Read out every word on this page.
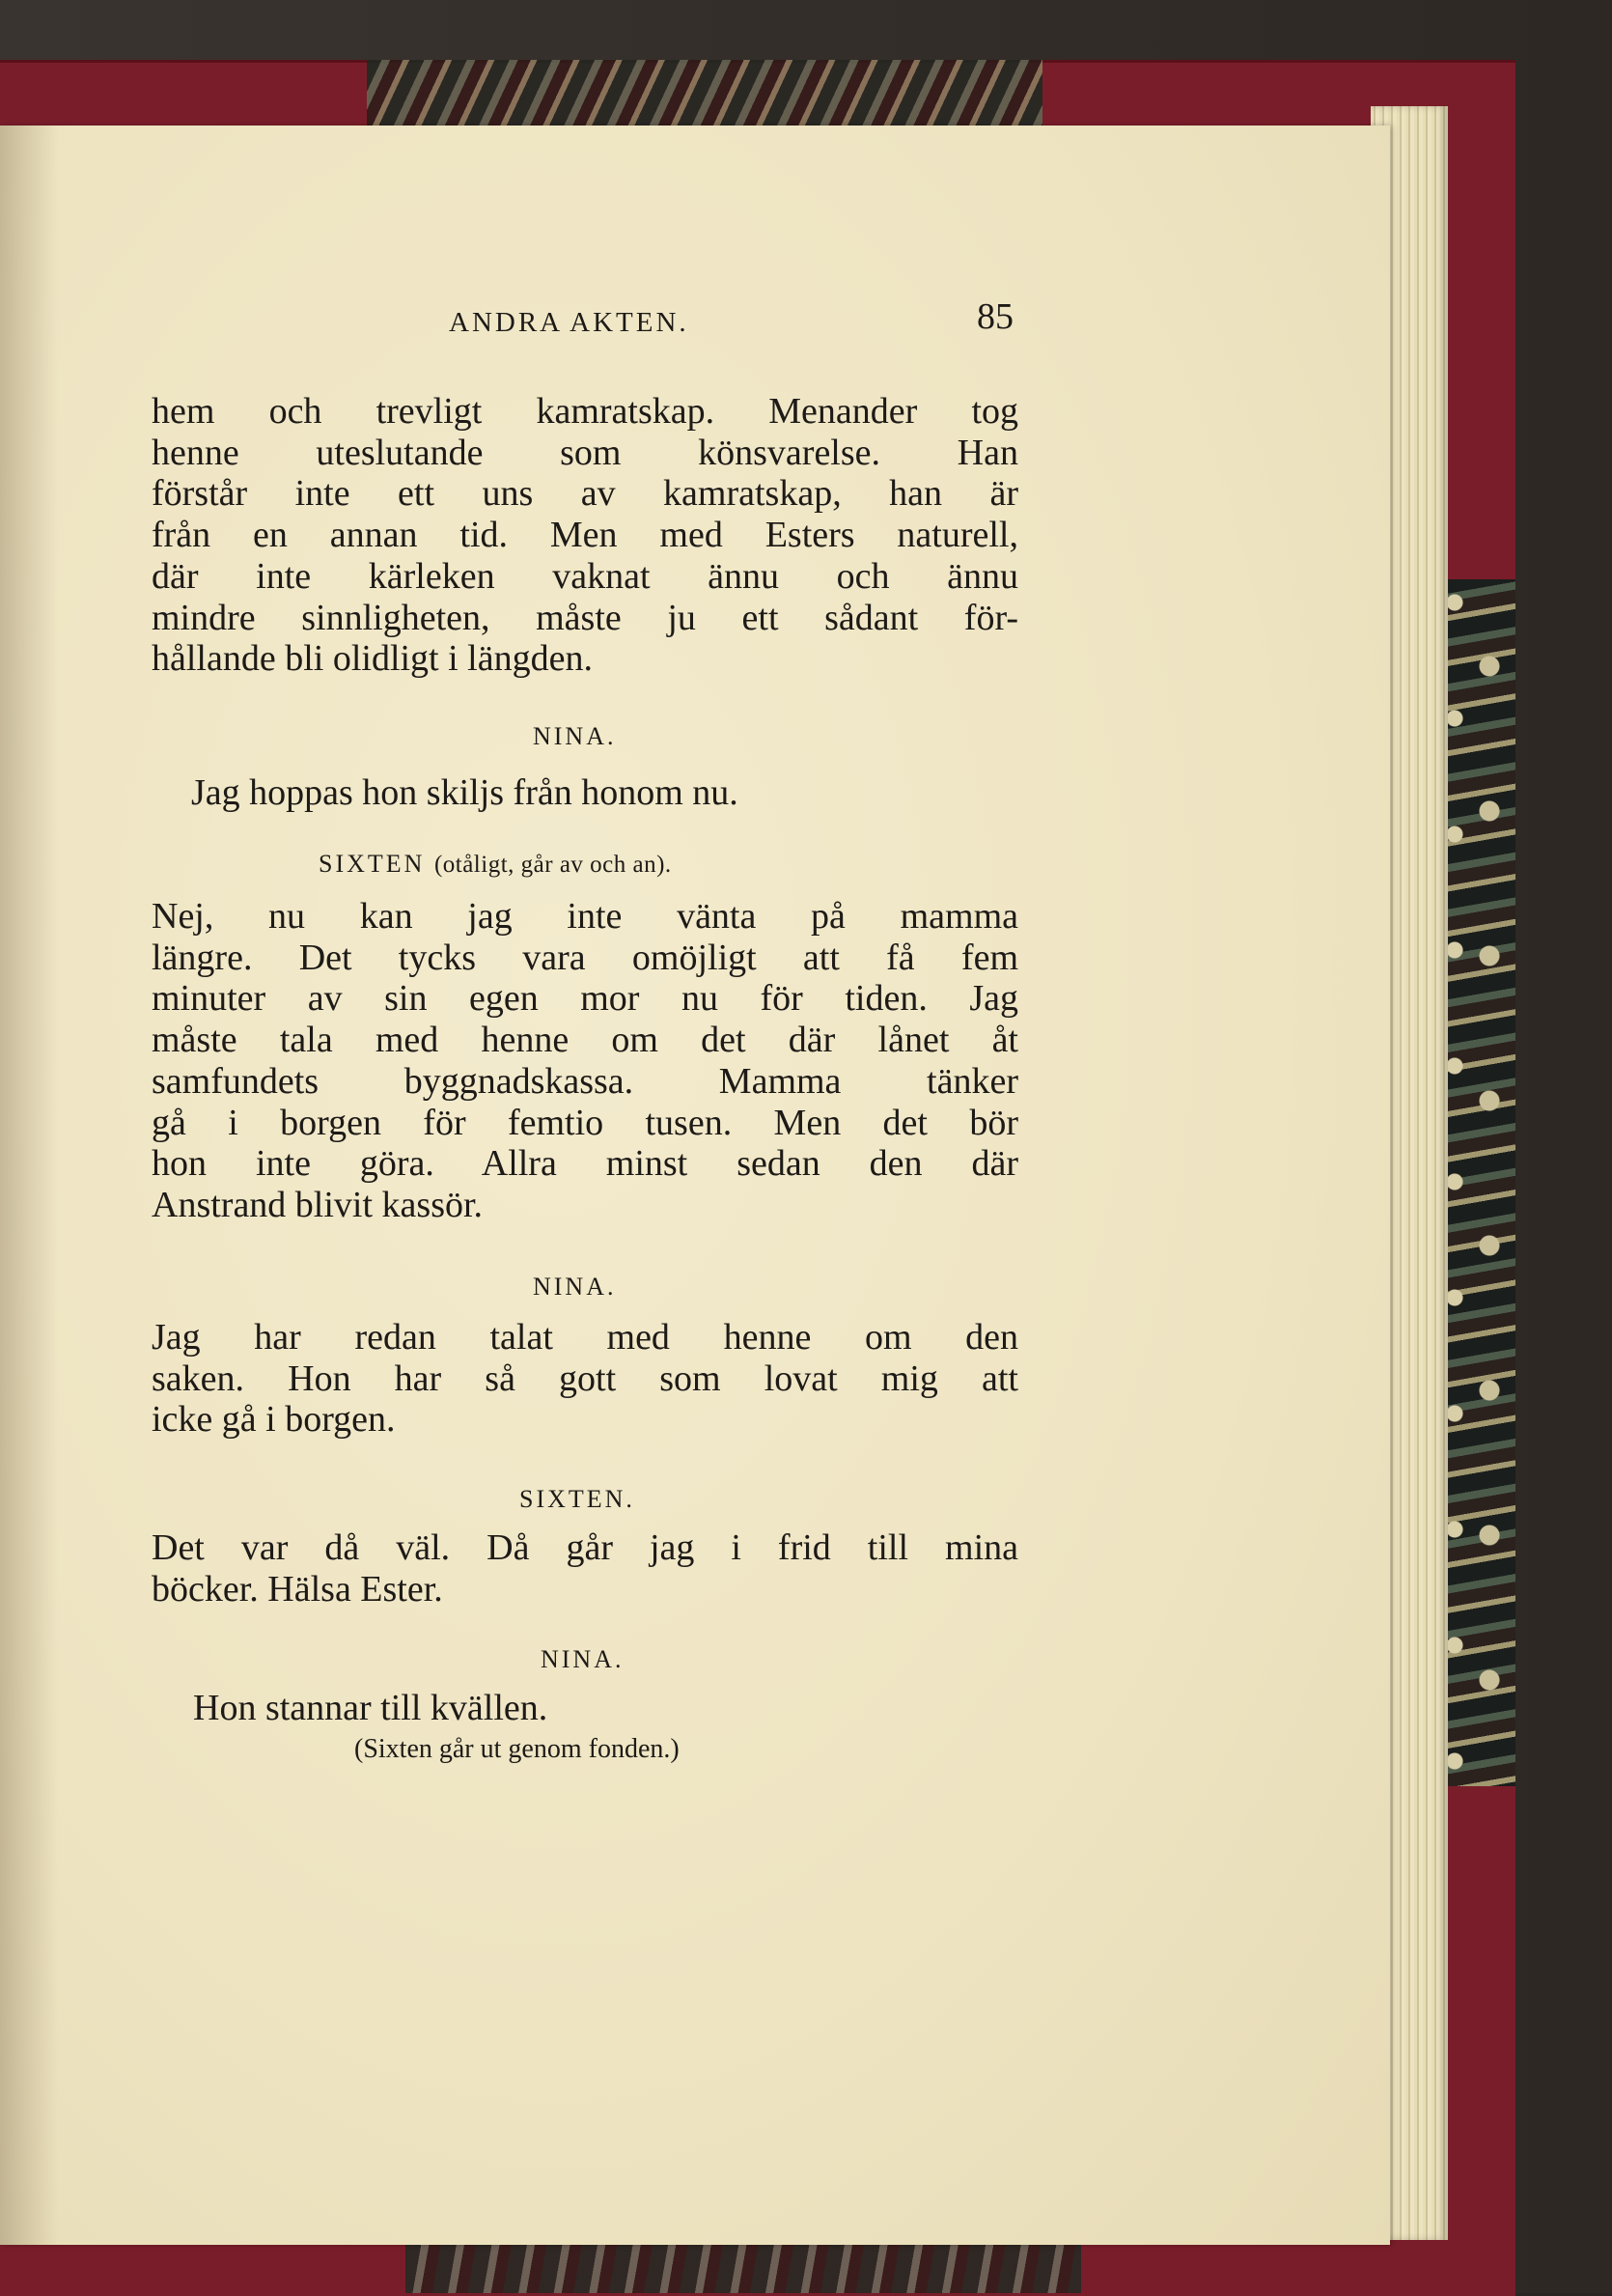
ANDRA AKTEN.	85
hem och trevligt kamratskap. Menander tog
henne uteslutande som könsvarelse. Han
förstår inte ett uns av kamratskap, han är
från en annan tid. Men med Esters naturell,
där inte kärleken vaknat ännu och ännu
mindre sinnligheten, måste ju ett sådant för-
hållande bli olidligt i längden.
NINA.
Jag hoppas hon skiljs från honom nu.
SIXTEN (otåligt, går av och an).
Nej, nu kan jag inte vänta på mamma
längre. Det tycks vara omöjligt att få fem
minuter av sin egen mor nu för tiden. Jag
måste tala med henne om det där lånet åt
samfundets byggnadskassa. Mamma tänker
gå i borgen för femtio tusen. Men det bör
hon inte göra. Allra minst sedan den där
Anstrand blivit kassör.
NINA.
Jag har redan talat med henne om den
saken. Hon har så gott som lovat mig att
icke gå i borgen.
SIXTEN.
Det var då väl. Då går jag i frid till mina
böcker. Hälsa Ester.
NINA.
Hon stannar till kvällen.
(Sixten går ut genom fonden.)
